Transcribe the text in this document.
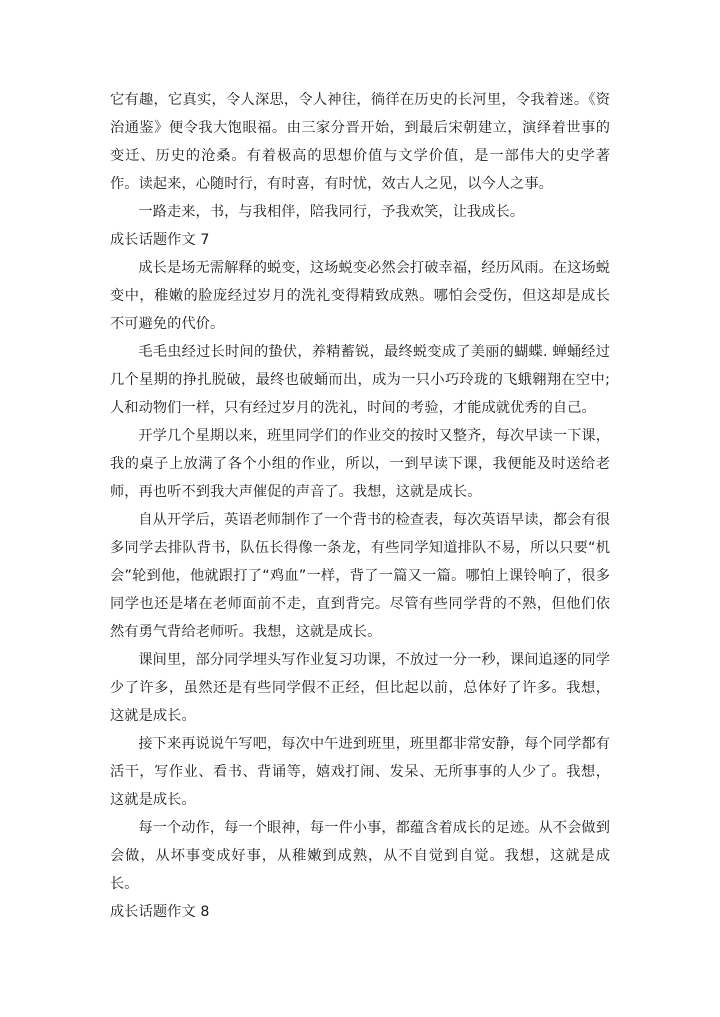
它有趣，它真实，令人深思，令人神往，徜徉在历史的长河里，令我着迷。《资治通鉴》便令我大饱眼福。由三家分晋开始，到最后宋朝建立，演绎着世事的变迁、历史的沧桑。有着极高的思想价值与文学价值，是一部伟大的史学著作。读起来，心随时行，有时喜，有时忧，效古人之见，以今人之事。

一路走来，书，与我相伴，陪我同行，予我欢笑，让我成长。

成长话题作文 7

成长是场无需解释的蜕变，这场蜕变必然会打破幸福，经历风雨。在这场蜕变中，稚嫩的脸庞经过岁月的洗礼变得精致成熟。哪怕会受伤，但这却是成长不可避免的代价。

毛毛虫经过长时间的蛰伏，养精蓄锐，最终蜕变成了美丽的蝴蝶. 蝉蛹经过几个星期的挣扎脱破，最终也破蛹而出，成为一只小巧玲珑的飞蛾翱翔在空中;人和动物们一样，只有经过岁月的洗礼，时间的考验，才能成就优秀的自己。

开学几个星期以来，班里同学们的作业交的按时又整齐，每次早读一下课，我的桌子上放满了各个小组的作业，所以，一到早读下课，我便能及时送给老师，再也听不到我大声催促的声音了。我想，这就是成长。

自从开学后，英语老师制作了一个背书的检查表，每次英语早读，都会有很多同学去排队背书，队伍长得像一条龙，有些同学知道排队不易，所以只要“机会”轮到他，他就跟打了“鸡血”一样，背了一篇又一篇。哪怕上课铃响了，很多同学也还是堵在老师面前不走，直到背完。尽管有些同学背的不熟，但他们依然有勇气背给老师听。我想，这就是成长。

课间里，部分同学埋头写作业复习功课，不放过一分一秒，课间追逐的同学少了许多，虽然还是有些同学假不正经，但比起以前，总体好了许多。我想，这就是成长。

接下来再说说午写吧，每次中午进到班里，班里都非常安静，每个同学都有活干，写作业、看书、背诵等，嬉戏打闹、发呆、无所事事的人少了。我想，这就是成长。

每一个动作，每一个眼神，每一件小事，都蕴含着成长的足迹。从不会做到会做，从坏事变成好事，从稚嫩到成熟，从不自觉到自觉。我想，这就是成长。

成长话题作文 8
